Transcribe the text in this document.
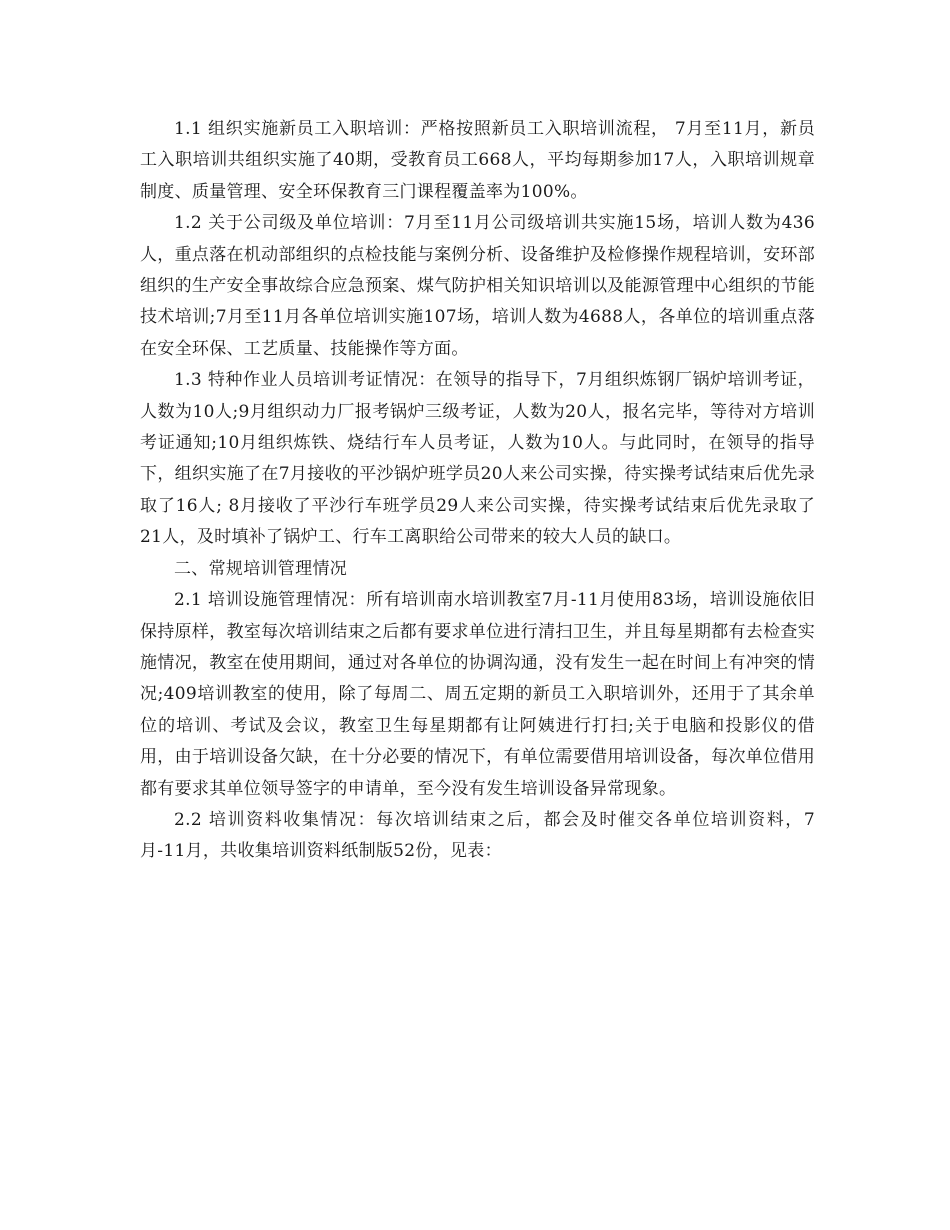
1.1 组织实施新员工入职培训：严格按照新员工入职培训流程， 7月至11月，新员工入职培训共组织实施了40期，受教育员工668人，平均每期参加17人，入职培训规章制度、质量管理、安全环保教育三门课程覆盖率为100%。

1.2 关于公司级及单位培训：7月至11月公司级培训共实施15场，培训人数为436人，重点落在机动部组织的点检技能与案例分析、设备维护及检修操作规程培训，安环部组织的生产安全事故综合应急预案、煤气防护相关知识培训以及能源管理中心组织的节能技术培训;7月至11月各单位培训实施107场，培训人数为4688人，各单位的培训重点落在安全环保、工艺质量、技能操作等方面。

1.3 特种作业人员培训考证情况：在领导的指导下，7月组织炼钢厂锅炉培训考证，人数为10人;9月组织动力厂报考锅炉三级考证，人数为20人，报名完毕，等待对方培训考证通知;10月组织炼铁、烧结行车人员考证，人数为10人。与此同时，在领导的指导下，组织实施了在7月接收的平沙锅炉班学员20人来公司实操，待实操考试结束后优先录取了16人; 8月接收了平沙行车班学员29人来公司实操，待实操考试结束后优先录取了21人，及时填补了锅炉工、行车工离职给公司带来的较大人员的缺口。

二、常规培训管理情况

2.1 培训设施管理情况：所有培训南水培训教室7月-11月使用83场，培训设施依旧保持原样，教室每次培训结束之后都有要求单位进行清扫卫生，并且每星期都有去检查实施情况，教室在使用期间，通过对各单位的协调沟通，没有发生一起在时间上有冲突的情况;409培训教室的使用，除了每周二、周五定期的新员工入职培训外，还用于了其余单位的培训、考试及会议，教室卫生每星期都有让阿姨进行打扫;关于电脑和投影仪的借用，由于培训设备欠缺，在十分必要的情况下，有单位需要借用培训设备，每次单位借用都有要求其单位领导签字的申请单，至今没有发生培训设备异常现象。

2.2 培训资料收集情况：每次培训结束之后，都会及时催交各单位培训资料，7月-11月，共收集培训资料纸制版52份，见表：
